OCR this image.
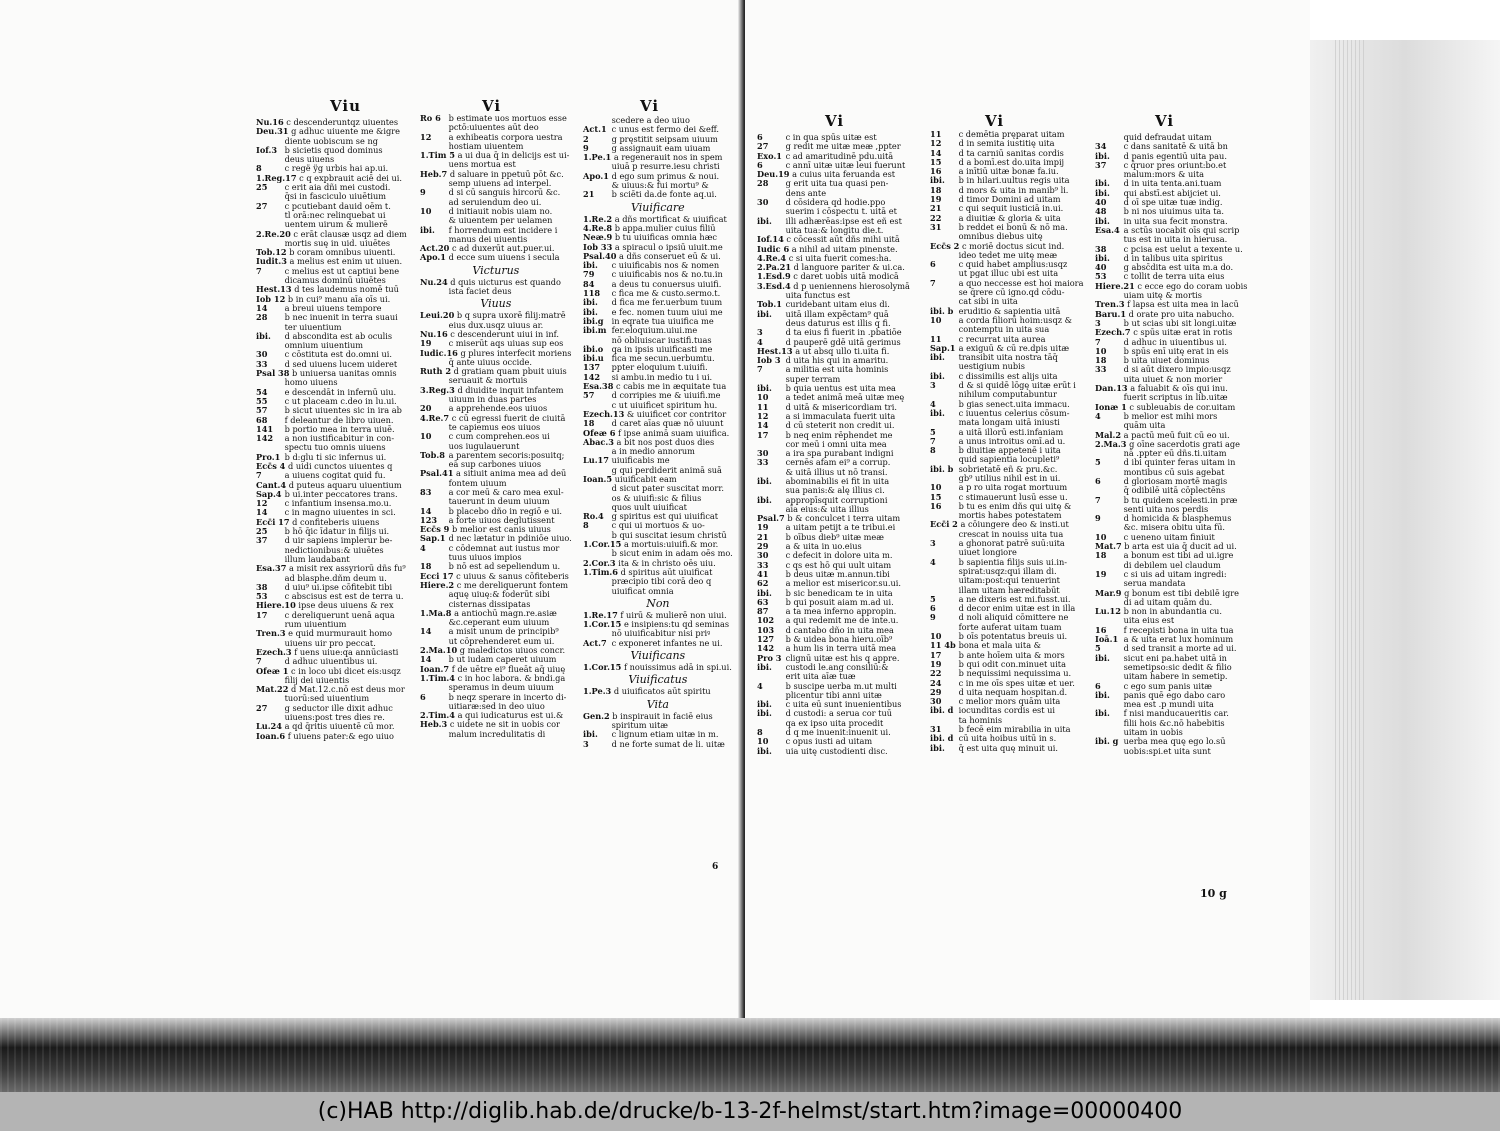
Viu	Vi	Vi
Nu.16 c descenderuntqz uiuentes
Deu.31 g adhuc uiuente me &igre
diente uobiscum se ng
Iof.3 b sicietis quod dominus
deus uiuens
8 c regë ÿg urbis hai ap.ui.
1.Reg.17 c q expbrauit aciē dei ui.
25 c erit aia dñi mei custodi.
q̄si in fasciculo uiuētium
27 c pcutiebant dauid oēm t.
tl orā:nec relinquebat ui
uentem uirum & mulierē
2.Re.20 c erāt clausæ usqz ad diem
mortis suę in uid. uiuētes
Tob.12 b coram omnibus uiuenti.
Iudit.3 a melius est enim ut uiuen.
7 c melius est ut captiui bene
dicamus dominū uiuētes
Hest.13 d tes laudemus nomē tuū
Iob 12 b in cui⁹ manu aīa oīs ui.
14 a breui uiuens tempore
28 b nec inuenit in terra suaui
ter uiuentium
ibi. d abscondita est ab oculis
omnium uiuentium
30 c cōstituta est do.omni ui.
33 d sed uiuens lucem uideret
Psal 38 b uniuersa uanitas omnis
homo uiuens
54 e descendāt in infernū uiu.
55 c ut placeam c.deo in lu.ui.
57 b sicut uiuentes sic in ira ab
68 f deleantur de libro uiuen.
141 b portio mea in terra uiuē.
142 a non iustificabitur in con-
spectu tuo omnis uiuens
Pro.1 b d:glu ti̇ sic infernus ui.
Ecc̄s 4 d uidi cunctos uiuentes q
7 a uiuens cogitat quid fu.
Cant.4 d puteus aquaru uiuentium
Sap.4 b ui.inter peccatores trans.
12 c infantium insensa.mo.u.
14 c in magno uiuentes in sci.
Ecc̄i 17 d confiteberis uiuens
25 b hō q̄ic īdatur in filijs ui.
37 d uir sapiens implerur be-
nedictionibus:& uiuētes
illum laudabant
Esa.37 a misit rex assyriorū dñs fu⁹
ad blasphe.dñm deum u.
38 d uiu⁹ ui.ipse cōfitebit tibi
53 c abscisus est est de terra u.
Hiere.10 ipse deus uiuens & rex
17 c dereliquerunt uenā aqua
rum uiuentium
Tren.3 e quid murmurauit homo
uiuens uir pro peccat.
Ezech.3 f uens uiue:qa annūciasti
7 d adhuc uiuentibus ui.
Ofeæ 1 c in loco ubi dicet eis:usqz
filij dei uiuentis
Mat.22 d Mat.12.c.nō est deus mor
tuorū:sed uiuentium
27 g seductor ille dixit adhuc
uiuens:post tres dies re.
Lu.24 a qd q̄ritis uiuentē cū mor.
Ioan.6 f uiuens pater:& ego uiuo
Ro 6 b estimate uos mortuos esse
pctō:uiuentes aūt deo
12 a exhibeatis corpora uestra
hostiam uiuentem
1.Tim 5 a ui dua q̄ in delicijs est ui-
uens mortua est
Heb.7 d saluare in ppetuū pōt &c.
semp uiuens ad interpel.
9 d si cū sanguis hircorū &c.
ad seruiendum deo ui.
10 d initiauit nobis uiam no.
& uiuentem per uelamen
ibi. f horrendum est incidere i
manus dei uiuentis
Act.20 c ad duxerūt aut.puer.ui.
Apo.1 d ecce sum uiuens i secula
Victurus
Nu.24 d quis uicturus est quando
ista faciet deus
Viuus
Leui.20 b q supra uxorē filij:matrē
eius dux.usqz uiuus ar.
Nu.16 c descenderunt uiui in inf.
19 c miserūt aqs uiuas sup eos
Iudic.16 g plures interfecit moriens
q̄ ante uiuus occide.
Ruth 2 d gratiam quam pbuit uiuis
seruauit & mortuis
3.Reg.3 d diuidite inquit infantem
uiuum in duas partes
20 a apprehende.eos uiuos
4.Re.7 c cū egressi fuerit de ciuitā
te capiemus eos uiuos
10 c cum comprehen.eos ui
uos iugulauerunt
Tob.8 a parentem secoris:posuitq;
eā sup carbones uiuos
Psal.41 a sitiuit anima mea ad deū
fontem uiuum
83 a cor meū & caro mea exul-
tauerunt in deum uiuum
14 b placebo dño in regiō e ui.
123 a forte uiuos deglutissent
Ecc̄s 9 b melior est canis uiuus
Sap.1 d nec lætatur in pdiniōe uiuo.
4 c cōdemnat aut iustus mor
tuus uiuos impios
18 b nō est ad sepeliendum u.
Ecci 17 c uiuus & sanus cōfiteberis
Hiere.2 c me dereliquerunt fontem
aquę uiuę:& foderūt sibi
cisternas dissipatas
1.Ma.8 a antiochū magn.re.asiæ
&c.ceperant eum uiuum
14 a misit unum de principib⁹
ut cōprehenderet eum ui.
2.Ma.10 g maledictos uiuos concr.
14 b ut iudam caperet uiuum
Ioan.7 f de uētre ei⁹ flueāt aq̄ uiuę
1.Tim.4 c in hoc labora. & bndi.ga
speramus in deum uiuum
6 b neqz sperare in incerto di-
uitiaræ:sed in deo uiuo
2.Tim.4 a qui iudicaturus est ui.&
Heb.3 c uidete ne sit in uobis cor
malum incredulitatis di
scedere a deo uiuo
Act.1 c unus est fermo dei &eff.
2 g pręstitit seipsam uiuum
9 g assignauit eam uiuam
1.Pe.1 a regenerauit nos in spem
uiuā p resurre.iesu christi
Apo.1 d ego sum primus & noui.
& uiuus:& fui mortu⁹ &
21 b sciēti da.de fonte aq.ui.
Viuificare
1.Re.2 a dñs mortificat & uiuificat
4.Re.8 b appa.mulier cuius filiū
Neæ.9 b tu uiuificas omnia hæc
Iob 33 a spiracul o ipsiū uiuit.me
Psal.40 a dñs conseruet eū & ui.
ibi. c uiuificabis nos & nomen
79 c uiuificabis nos & no.tu.in
84 a deus tu conuersus uiuifi.
118 c fica me & custo.sermo.t.
ibi. d fica me fer.uerbum tuum
ibi. e fec. nomen tuum uiui me
ibi.g in eqrate tua uiuifica me
ibi.m fer.eloquium.uiui.me
nō obliuiscar iustifi.tuas
ibi.o qa in ipsis uiuificasti me
ibi.u fica me secun.uerbumtu.
137 ppter eloquium t.uiuifi.
142 si ambu.in medio tu i ui.
Esa.38 c cabis me in æquitate tua
57 d corripies me & uiuifi.me
c ut uiuificet spiritum hu.
Ezech.13 & uiuificet cor contritor
18 d caret aīas quæ nō uiuunt
Ofeæ 6 f ipse animā suam uiuifica.
Abac.3 a bit nos post duos dies
a in medio annorum
Lu.17 uiuificabis me
g qui perdiderit animā suā
Ioan.5 uiuificabit eam
d sicut pater suscitat morr.
os & uiuifi:sic & filius
quos uult uiuificat
Ro.4 g spiritus est qui uiuificat
8 c qui ui mortuos & uo-
b qui suscitat iesum christū
1.Cor.15 a mortuis:uiuifi.& mor.
b sicut enim in adam oēs mo.
2.Cor.3 ita & in christo oēs uiu.
1.Tim.6 d spiritus aūt uiuificat
præcipio tibi corā deo q
uiuificat omnia
Non
1.Re.17 f uirū & mulierē non uiui.
1.Cor.15 e insipiens:tu qd seminas
nō uiuificabitur nisi priꝰ
Act.7 c exponeret infantes ne ui.
Viuificans
1.Cor.15 f nouissimus adā in spi.ui.
Viuificatus
1.Pe.3 d uiuificatos aūt spiritu
Vita
Gen.2 b inspirauit in faciē eius
spiritum uitæ
ibi. c lignum etiam uitæ in m.
3 d ne forte sumat de li. uitæ
6
Vi	Vi	Vi
6 c in qua spūs uitæ est
27 g redit me uitæ meæ ,ppter
Exo.1 c ad amaritudinē pdu.uitā
6 c annī uitæ uitæ leui fuerunt
Deu.19 a cuius uita feruanda est
28 g erit uita tua quasi pen-
dens ante
30 d cōsidera qd hodie.ppo
suerim i cōspectu t. uitā et
ibi. illi adhærēas:ipse est eñ est
uita tua:& longitu die.t.
Iof.14 c cōcessit aūt dñs mihi uitā
Iudic 6 a nihil ad uitam pinenste.
4.Re.4 c si uita fuerit comes:ha.
2.Pa.21 d languore pariter & ui.ca.
1.Esd.9 c daret uobis uitā modicā
3.Esd.4 d p ueniennens hierosolymā
uita functus est
Tob.1 curidebant uitam eius di.
ibi. uitā illam expēctam⁹ quā
deus daturus est illis q fi.
3 d ta eius fi fuerit in .pbatiōe
4 d pauperē gdē uitā gerimus
Hest.13 a ut absq ullo ti.uita fi.
Iob 3 d uita his qui in amaritu.
7 a militia est uita hominis
super terram
ibi. b quia uentus est uita mea
10 a tedet animā meā uitæ meę
11 d uitā & misericordiam tri.
12 a si immaculata fuerit uita
14 d cū steterit non credit ui.
17 b neq enim rēphendet me
cor meū i omni uita mea
30 a ira spa purabant indigni
33 cernēs afam ei⁹ a corrup.
& uitā illius ut nō transi.
ibi. abominabilis ei fit in uita
sua panis:& alę illius ci.
ibi. appropīsquit corruptioni
aīa eius:& uita illius
Psal.7 b & conculcet i terra uitam
19 a uitam petijt a te tribui.ei
21 b oībus dieb⁹ uitæ meæ
29 a & uita in uo.eius
30 c defecit in dolore uita m.
33 c qs est hō qui uult uitam
41 b deus uitæ m.annun.tibi
62 a melior est misericor.su.ui.
ibi. b sic benedicam te in uita
63 b qui posuit aiam m.ad ui.
87 a ta mea inferno appropin.
102 a qui redemit me de inte.u.
103 d cantabo dño in uita mea
127 b & uidea bona hieru.oīb⁹
142 a hum lis in terra uitā mea
Pro 3 clignū uitæ est his q appre.
ibi. custodi le.ang consiliū:&
erit uita aīæ tuæ
4 b suscipe uerba m.ut multi
plicentur tibi anni uitæ
ibi. c uita eū sunt inuenientibus
ibi. d custodi: a serua cor tuū
qa ex ipso uita procedit
8 d q me inuenit:inuenit ui.
10 c opus iusti ad uitam
ibi. uia uitę custodienti disc.
11 c demētia pręparat uitam
12 d in semita iustitię uita
14 d ta carniū sanitas cordis
15 d a bomī.est do.uita impij
16 a inītiū uitæ bonæ fa.iu.
ibi. b in hilari.uultus regis uita
18 d mors & uita in manib⁹ li.
19 d timor Domini ad uitam
21 c qui sequit iusticiā in.ui.
22 a diuitiæ & gloria & uita
31 b reddet ei bonū & nō ma.
omnibus diebus uitę
Ecc̄s 2 c moriē doctus sicut ind.
ideo tedet me uitę meæ
6 c quid habet amplius:usqz
ut pgat illuc ubi est uita
7 a quo neccesse est hoi maiora
se q̄rere cū igno.qd cōdu-
cat sibi in uita
ibi. b eruditio & sapientia uitā
10 a corda filiorū hoim:usqz &
contemptu in uita sua
11 c recurrat uita aurea
Sap.1 a exiguū & cū re.dpis uitæ
ibi. transibit uita nostra tāq̄
uestigium nubis
ibi. c dissimilis est alijs uita
3 d & si quidē lōgę uitæ erūt i
nihilum computabuntur
4 b gias senect.uita immacu.
ibi. c iuuentus celerius cōsum-
mata longam uitā iniusti
5 a uitā illorū esti.infaniam
7 a unus introitus omī.ad u.
8 b diuitiæ appetenē i uita
quid sapientia locupleti⁹
ibi. b sobrietatē eñ & pru.&c.
gb⁹ utilius nihil est in ui.
10 a p ro uita rogat mortuum
15 c stimauerunt lusū esse u.
16 b tu es enim dñs qui uitę &
mortis habes potestatem
Ecc̄i 2 a cōiungere deo & insti.ut
crescat in nouiss uita tua
3 a ghonorat patrē suū:uita
uiuet longiore
4 b sapientia filijs suis ui.in-
spirat:usqz:qui illam di.
uitam:post:qui tenuerint
illam uitam hæreditabūt
5 a ne dixeris est mi.fusst.ui.
6 d decor enim uitæ est in illa
9 d noli aliquid cōmittere ne
forte auferat uitam tuam
10 b oīs potentatus breuis ui.
11 4b bona et mala uita &
17 b ante hoīem uita & mors
19 b qui odit con.minuet uita
22 b nequissimi nequissima u.
24 c in me oīs spes uitæ et uer.
29 d uita nequam hospitan.d.
30 c melior mors quām uita
ibi. d iocunditas cordis est ui
ta hominis
31 b fecē eim mirabilia in uita
ibi. d cū uita hoibus uitū in s.
ibi. q̄ est uita quę minuit ui.
quid defraudat uitam
34 c dans sanitatē & uitā bn
ibi. d panis egentiū uita pau.
37 c q̄ruor pres oriunt:bo.et
malum:mors & uita
ibi. d in uita tenta.ani.tuam
ibi. qui abstī.est abijciet ui.
40 d oī spe uitæ tuæ indig.
48 b ni nos uiuimus uita ta.
ibi. in uita sua fecit monstra.
Esa.4 a sctūs uocabit oīs qui scrip
tus est in uita in hierusa.
38 c pcisa est uelut a texente u.
ibi. d in talibus uita spiritus
40 g absc̄dita est uita m.a do.
53 c tollit de terra uita eius
Hiere.21 c ecce ego do coram uobis
uiam uitę & mortis
Tren.3 f lapsa est uita mea in lacū
Baru.1 d orate pro uita nabucho.
3 b ut scias ubi sit longi.uitæ
Ezech.7 c spūs uitæ erat in rotis
7 d adhuc in uiuentibus ui.
10 b spūs enī uitę erat in eis
18 b uita uiuet dominus
33 d si aūt dixero impio:usqz
uita uiuet & non morier
Dan.13 a faluabit & oīs qui inu.
fuerit scriptus in lib.uitæ
Ionæ 1 c subleuabis de cor.uitam
4 b melior est mihi mors
quām uita
Mal.2 a pactū meū fuit cū eo ui.
2.Ma.3 g oīne sacerdotis grati age
nā .ppter eū dñs.ti.uitam
5 d ibi quinter feras uitam in
montibus cū suis agebat
6 d gloriosam mortē magis
q̄ odibilē uitā cōplectēns
7 b tu quidem scelesti.in præ
senti uita nos perdis
9 d homicida & blasphemus
&c. misera obitu uita fū.
10 c ueneno uitam finiuit
Mat.7 b arta est uia q̄ ducit ad ui.
18 a bonum est tibi ad ui.igre
di debilem uel claudum
19 c si uis ad uitam ingredi:
serua mandata
Mar.9 g bonum est tibi debilē igre
di ad uitam quām du.
Lu.12 b non in abundantia cu.
uita eius est
16 f recepisti bona in uita tua
Ioā.1 a & uita erat lux hominum
5 d sed transit a morte ad ui.
ibi. sicut eni pa.habet uitā in
semetipso:sic dedit & filio
uitam habere in semetip.
6 c ego sum panis uitæ
ibi. panis quē ego dabo caro
mea est .p mundi uita
ibi. f nisi manducaueritis car.
filii hois &c.nō habebitis
uitam in uobis
ibi. g uerba mea quę ego lo.sū
uobis:spi.et uita sunt
10 g
(c)HAB http://diglib.hab.de/drucke/b-13-2f-helmst/start.htm?image=00000400
